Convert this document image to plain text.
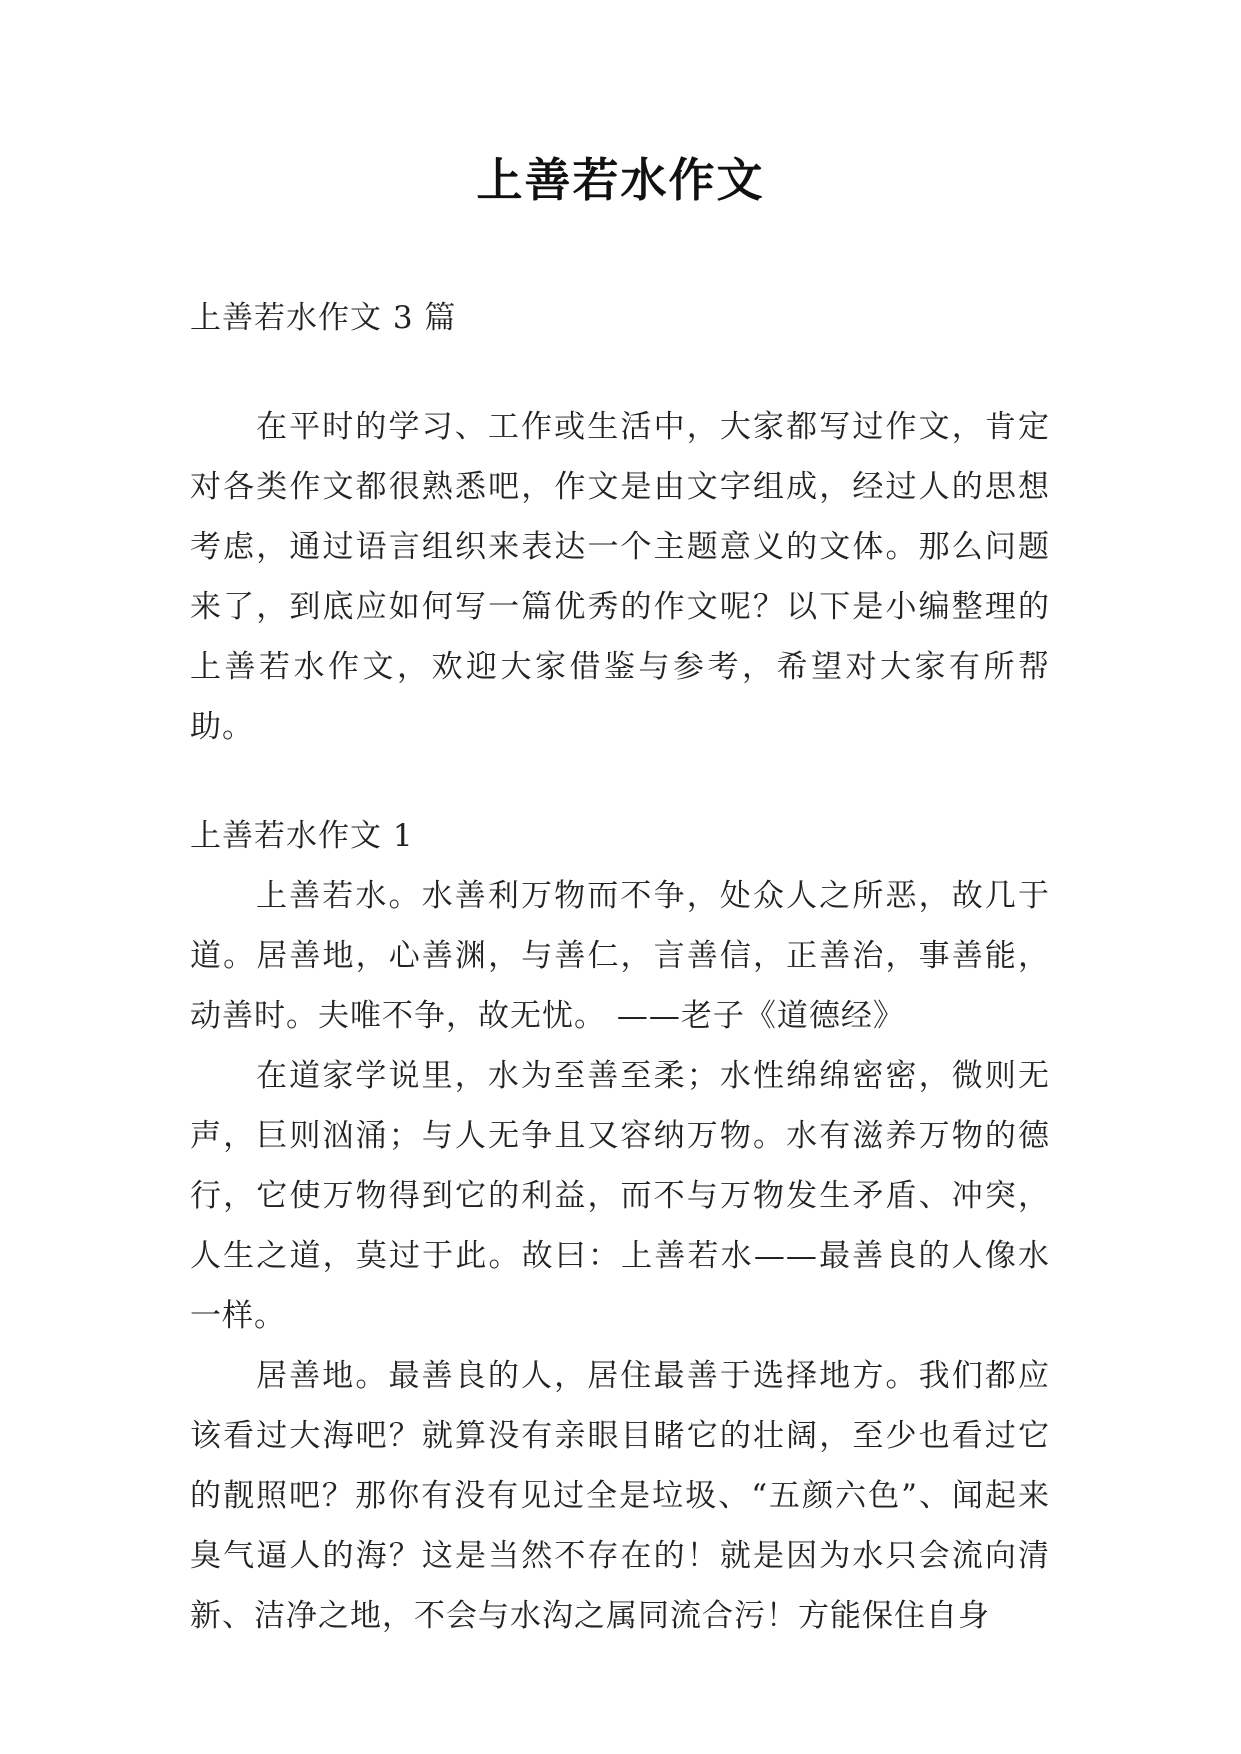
上善若水作文

上善若水作文 3 篇

在平时的学习、工作或生活中，大家都写过作文，肯定对各类作文都很熟悉吧，作文是由文字组成，经过人的思想考虑，通过语言组织来表达一个主题意义的文体。那么问题来了，到底应如何写一篇优秀的作文呢？以下是小编整理的上善若水作文，欢迎大家借鉴与参考，希望对大家有所帮助。

上善若水作文 1

上善若水。水善利万物而不争，处众人之所恶，故几于道。居善地，心善渊，与善仁，言善信，正善治，事善能，动善时。夫唯不争，故无忧。 ——老子《道德经》

在道家学说里，水为至善至柔；水性绵绵密密，微则无声，巨则汹涌；与人无争且又容纳万物。水有滋养万物的德行，它使万物得到它的利益，而不与万物发生矛盾、冲突，人生之道，莫过于此。故曰：上善若水——最善良的人像水一样。

居善地。最善良的人，居住最善于选择地方。我们都应该看过大海吧？就算没有亲眼目睹它的壮阔，至少也看过它的靓照吧？那你有没有见过全是垃圾、“五颜六色”、闻起来臭气逼人的海？这是当然不存在的！就是因为水只会流向清新、洁净之地，不会与水沟之属同流合污！方能保住自身
